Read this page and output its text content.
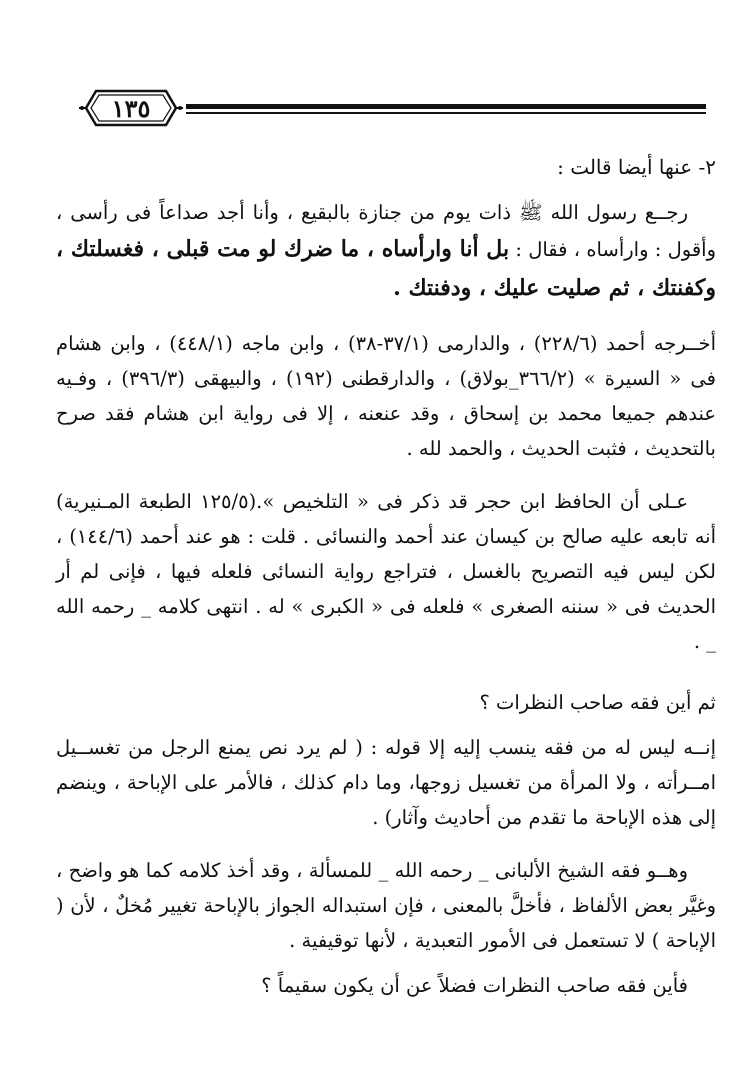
١٣٥

٢- عنها أيضا قالت :

رجــع رسول الله ﷺ ذات يوم من جنازة بالبقيع ، وأنا أجد صداعاً فى رأسى ، وأقول : وارأساه ، فقال : بل أنا وارأساه ، ما ضرك لو مت قبلى ، فغسلتك ، وكفنتك ، ثم صليت عليك ، ودفنتك .

أخــرجه أحمد (٢٢٨/٦) ، والدارمى (٣٧/١-٣٨) ، وابن ماجه (٤٤٨/١) ، وابن هشام فى « السيرة » (٣٦٦/٢_بولاق) ، والدارقطنى (١٩٢) ، والبيهقى (٣٩٦/٣) ، وفـيه عندهم جميعا محمد بن إسحاق ، وقد عنعنه ، إلا فى رواية ابن هشام فقد صرح بالتحديث ، فثبت الحديث ، والحمد لله .

عـلى أن الحافظ ابن حجر قد ذكر فى « التلخيص ».(١٢٥/٥ الطبعة المـنيرية) أنه تابعه عليه صالح بن كيسان عند أحمد والنسائى . قلت : هو عند أحمد (١٤٤/٦) ، لكن ليس فيه التصريح بالغسل ، فتراجع رواية النسائى فلعله فيها ، فإنى لم أر الحديث فى « سننه الصغرى » فلعله فى « الكبرى » له . انتهى كلامه _ رحمه الله _ .

ثم أين فقه صاحب النظرات ؟

إنــه ليس له من فقه ينسب إليه إلا قوله : ( لم يرد نص يمنع الرجل من تغســيل امــرأته ، ولا المرأة من تغسيل زوجها، وما دام كذلك ، فالأمر على الإباحة ، وينضم إلى هذه الإباحة ما تقدم من أحاديث وآثار) .

وهــو فقه الشيخ الألبانى _ رحمه الله _ للمسألة ، وقد أخذ كلامه كما هو واضح ، وغيَّر بعض الألفاظ ، فأخلَّ بالمعنى ، فإن استبداله الجواز بالإباحة تغيير مُخلٌ ، لأن ( الإباحة ) لا تستعمل فى الأمور التعبدية ، لأنها توقيفية .

فأين فقه صاحب النظرات فضلاً عن أن يكون سقيماً ؟
